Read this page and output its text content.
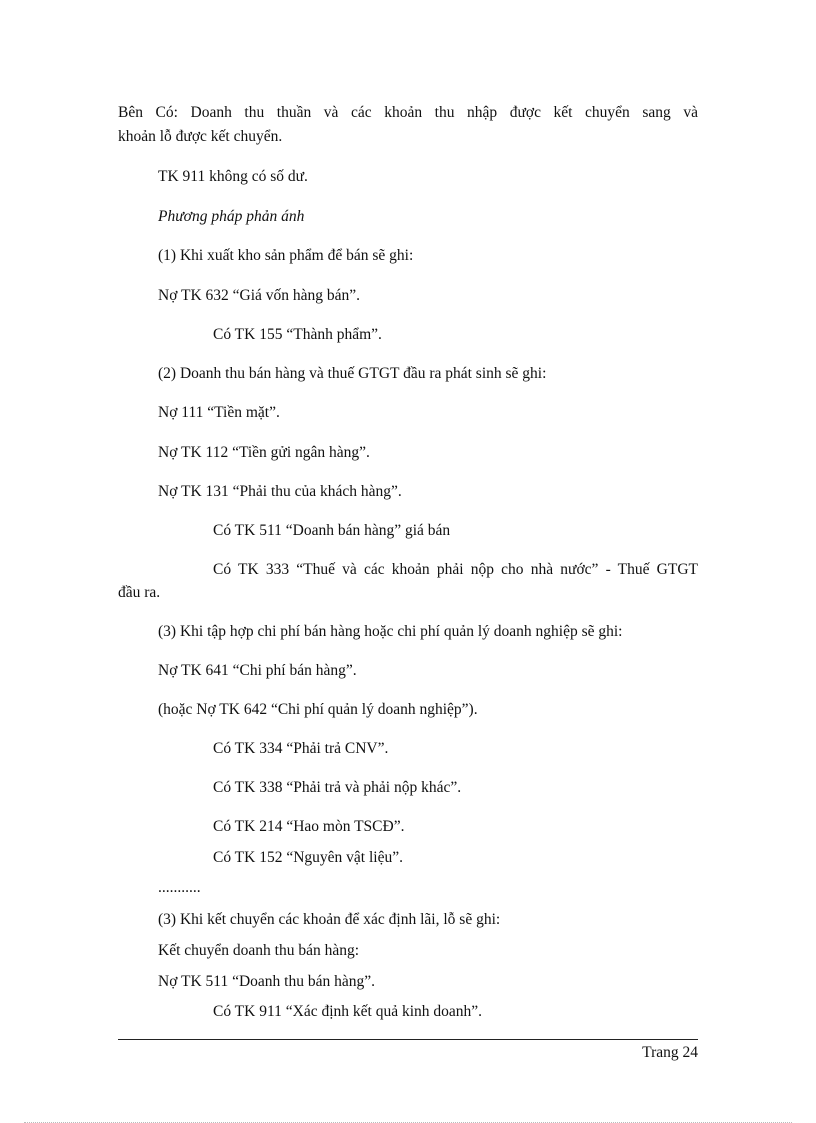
Bên Có: Doanh thu thuần và các khoản thu nhập được kết chuyển sang và
khoản lỗ được kết chuyển.
TK 911 không có số dư.
Phương pháp phản ánh
(1) Khi xuất kho sản phẩm để bán sẽ ghi:
Nợ TK 632 “Giá vốn hàng bán”.
Có TK 155 “Thành phẩm”.
(2) Doanh thu bán hàng và thuế GTGT đầu ra phát sinh sẽ ghi:
Nợ 111 “Tiền mặt”.
Nợ TK 112 “Tiền gửi ngân hàng”.
Nợ TK 131 “Phải thu của khách hàng”.
Có TK 511 “Doanh bán hàng” giá bán
Có TK 333 “Thuế và các khoản phải nộp cho nhà nước” - Thuế GTGT
đầu ra.
(3) Khi tập hợp chi phí bán hàng hoặc chi phí quản lý doanh nghiệp sẽ ghi:
Nợ TK 641 “Chi phí bán hàng”.
(hoặc Nợ TK 642 “Chi phí quản lý doanh nghiệp”).
Có TK 334 “Phải trả CNV”.
Có TK 338 “Phải trả và phải nộp khác”.
Có TK 214 “Hao mòn TSCĐ”.
Có TK 152 “Nguyên vật liệu”.
...........
(3) Khi kết chuyển các khoản để xác định lãi, lỗ sẽ ghi:
Kết chuyển doanh thu bán hàng:
Nợ TK 511 “Doanh thu bán hàng”.
Có TK 911 “Xác định kết quả kinh doanh”.
Trang 24
